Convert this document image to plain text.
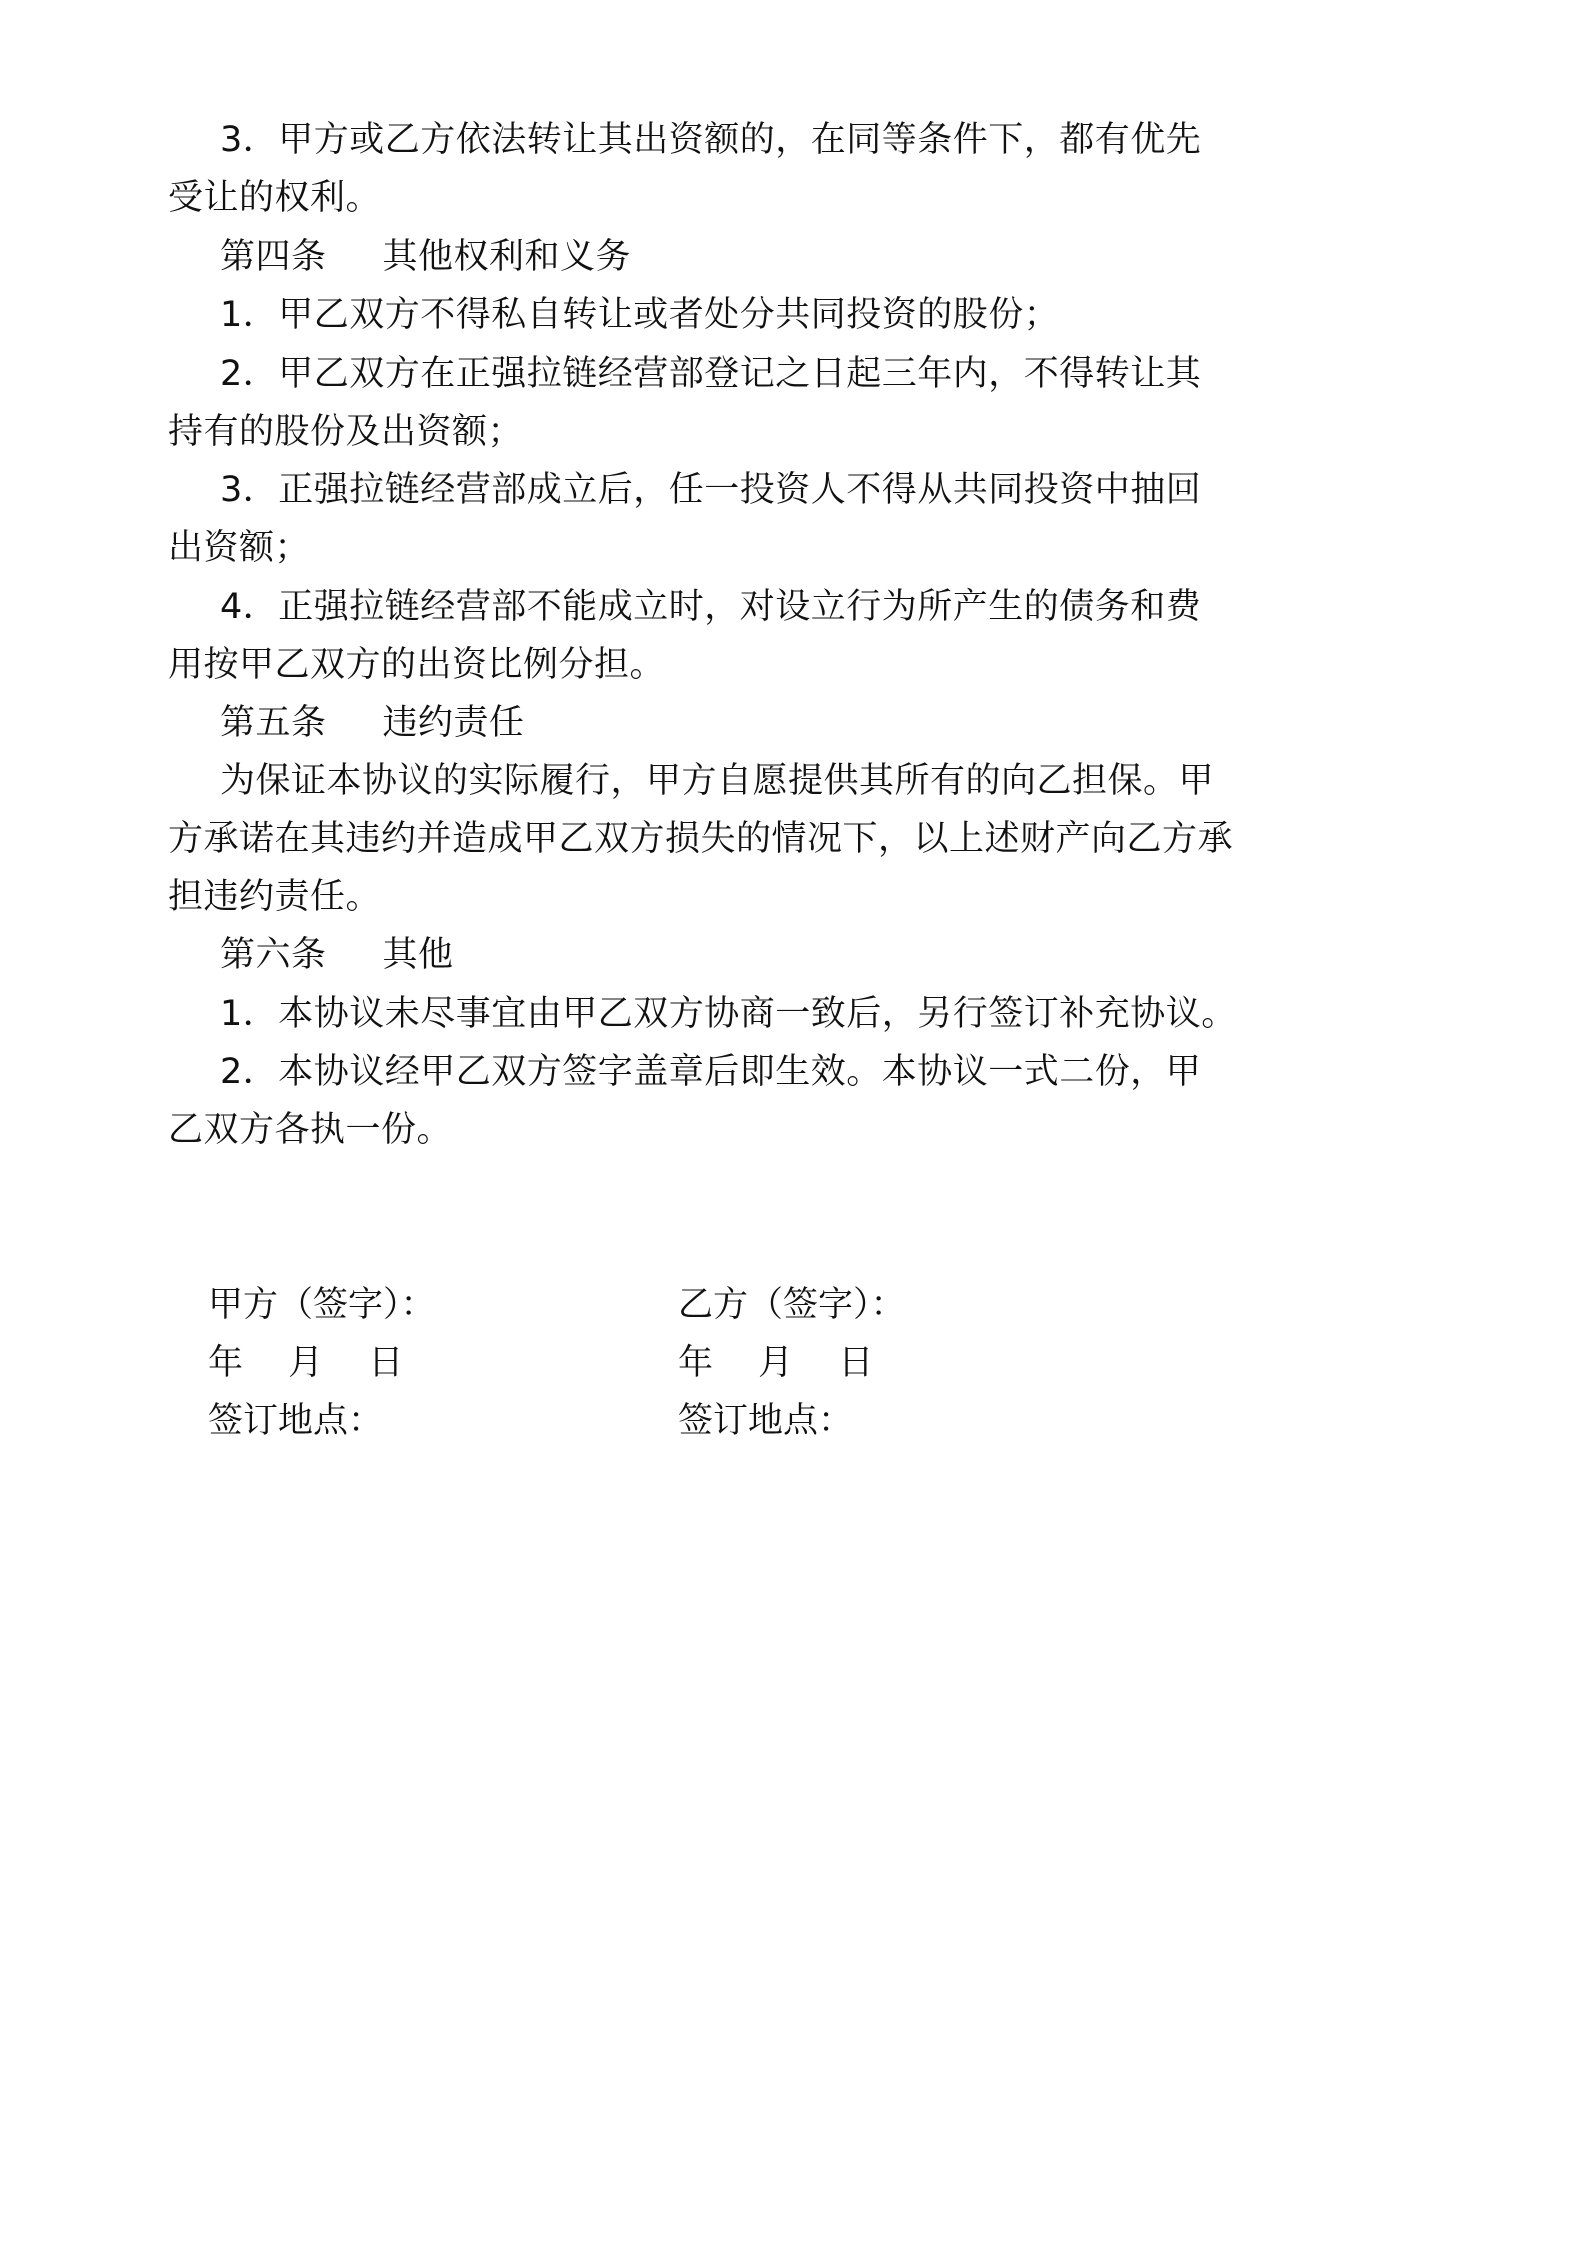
3．甲方或乙方依法转让其出资额的，在同等条件下，都有优先
受让的权利。
第四条 其他权利和义务
1．甲乙双方不得私自转让或者处分共同投资的股份；
2．甲乙双方在正强拉链经营部登记之日起三年内，不得转让其
持有的股份及出资额；
3．正强拉链经营部成立后，任一投资人不得从共同投资中抽回
出资额；
4．正强拉链经营部不能成立时，对设立行为所产生的债务和费
用按甲乙双方的出资比例分担。
第五条 违约责任
为保证本协议的实际履行，甲方自愿提供其所有的向乙担保。甲
方承诺在其违约并造成甲乙双方损失的情况下，以上述财产向乙方承
担违约责任。
第六条 其他
1．本协议未尽事宜由甲乙双方协商一致后，另行签订补充协议。
2．本协议经甲乙双方签字盖章后即生效。本协议一式二份，甲
乙双方各执一份。
甲方（签字）：
年 月 日
签订地点：
乙方（签字）：
年 月 日
签订地点：
